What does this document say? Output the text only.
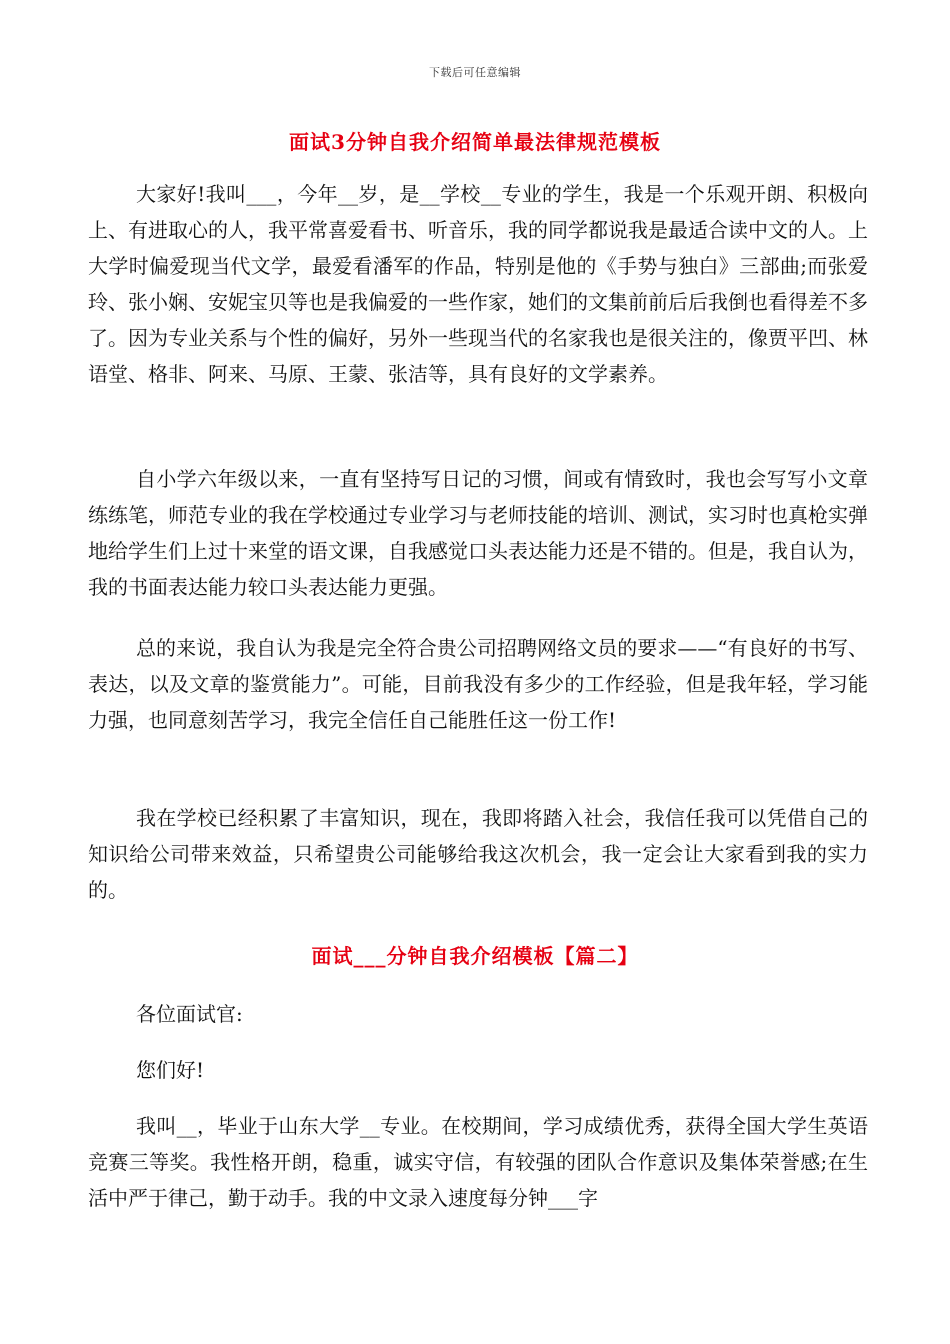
下载后可任意编辑
面试3分钟自我介绍简单最法律规范模板

大家好!我叫___，今年__岁，是__学校__专业的学生，我是一个乐观开朗、积极向上、有进取心的人，我平常喜爱看书、听音乐，我的同学都说我是最适合读中文的人。上大学时偏爱现当代文学，最爱看潘军的作品，特别是他的《手势与独白》三部曲;而张爱玲、张小娴、安妮宝贝等也是我偏爱的一些作家，她们的文集前前后后我倒也看得差不多了。因为专业关系与个性的偏好，另外一些现当代的名家我也是很关注的，像贾平凹、林语堂、格非、阿来、马原、王蒙、张洁等，具有良好的文学素养。

自小学六年级以来，一直有坚持写日记的习惯，间或有情致时，我也会写写小文章练练笔，师范专业的我在学校通过专业学习与老师技能的培训、测试，实习时也真枪实弹地给学生们上过十来堂的语文课，自我感觉口头表达能力还是不错的。但是，我自认为，我的书面表达能力较口头表达能力更强。

总的来说，我自认为我是完全符合贵公司招聘网络文员的要求——“有良好的书写、表达，以及文章的鉴赏能力”。可能，目前我没有多少的工作经验，但是我年轻，学习能力强，也同意刻苦学习，我完全信任自己能胜任这一份工作!

我在学校已经积累了丰富知识，现在，我即将踏入社会，我信任我可以凭借自己的知识给公司带来效益，只希望贵公司能够给我这次机会，我一定会让大家看到我的实力的。

面试___分钟自我介绍模板【篇二】

各位面试官:

您们好!

我叫__，毕业于山东大学__专业。在校期间，学习成绩优秀，获得全国大学生英语竞赛三等奖。我性格开朗，稳重，诚实守信，有较强的团队合作意识及集体荣誉感;在生活中严于律己，勤于动手。我的中文录入速度每分钟___字
